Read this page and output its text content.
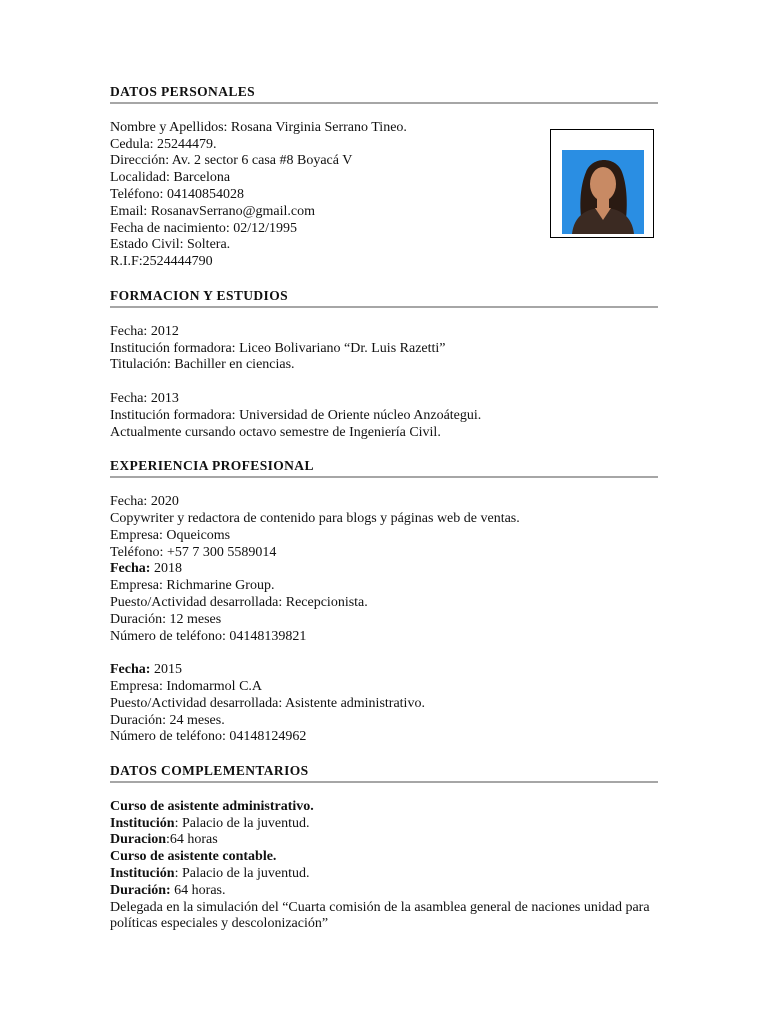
DATOS PERSONALES
Nombre y Apellidos: Rosana Virginia Serrano Tineo.
Cedula: 25244479.
Dirección: Av. 2 sector 6 casa #8 Boyacá V
Localidad: Barcelona
Teléfono: 04140854028
Email: RosanavSerrano@gmail.com
Fecha de nacimiento: 02/12/1995
Estado Civil: Soltera.
R.I.F:2524444790
FORMACION Y ESTUDIOS
Fecha: 2012
Institución formadora: Liceo Bolivariano “Dr. Luis Razetti”
Titulación: Bachiller en ciencias.
Fecha: 2013
Institución formadora: Universidad de Oriente núcleo Anzoátegui.
Actualmente cursando octavo semestre de Ingeniería Civil.
EXPERIENCIA PROFESIONAL
Fecha: 2020
Copywriter y redactora de contenido para blogs y páginas web de ventas.
Empresa: Oqueicoms
Teléfono: +57 7 300 5589014
Fecha: 2018
Empresa: Richmarine Group.
Puesto/Actividad desarrollada: Recepcionista.
Duración: 12 meses
Número de teléfono: 04148139821
Fecha: 2015
Empresa: Indomarmol C.A
Puesto/Actividad desarrollada: Asistente administrativo.
Duración: 24 meses.
Número de teléfono: 04148124962
DATOS COMPLEMENTARIOS
Curso de asistente administrativo.
Institución: Palacio de la juventud.
Duracion:64 horas
Curso de asistente contable.
Institución: Palacio de la juventud.
Duración: 64 horas.
Delegada en la simulación del “Cuarta comisión de la asamblea general de naciones unidad para políticas especiales y descolonización”
